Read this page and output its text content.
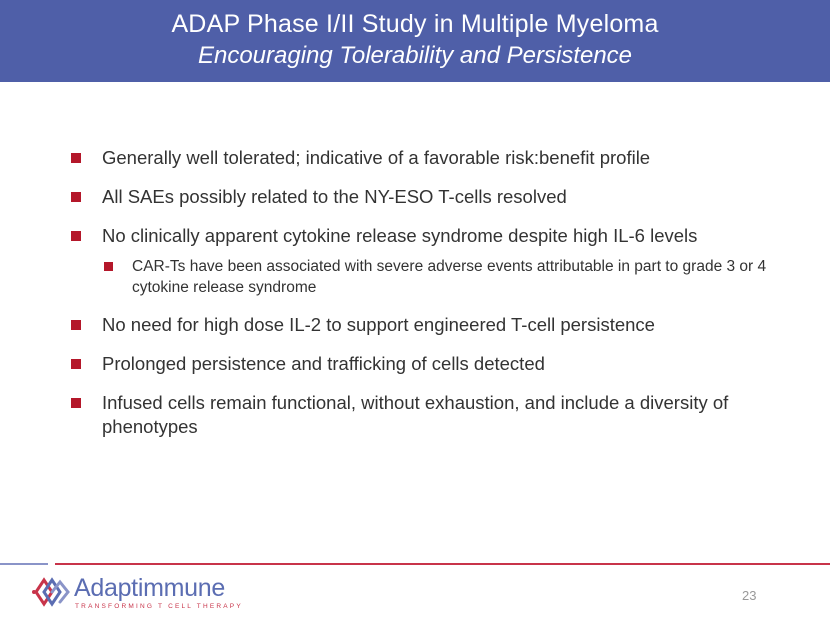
ADAP Phase I/II Study in Multiple Myeloma
Encouraging Tolerability and Persistence
Generally well tolerated; indicative of a favorable risk:benefit profile
All SAEs possibly related to the NY-ESO T-cells resolved
No clinically apparent cytokine release syndrome despite high IL-6 levels
CAR-Ts have been associated with severe adverse events attributable in part to grade 3 or 4 cytokine release syndrome
No need for high dose IL-2 to support engineered T-cell persistence
Prolonged persistence and trafficking of cells detected
Infused cells remain functional, without exhaustion, and include a diversity of phenotypes
Adaptimmune
TRANSFORMING T CELL THERAPY
23
